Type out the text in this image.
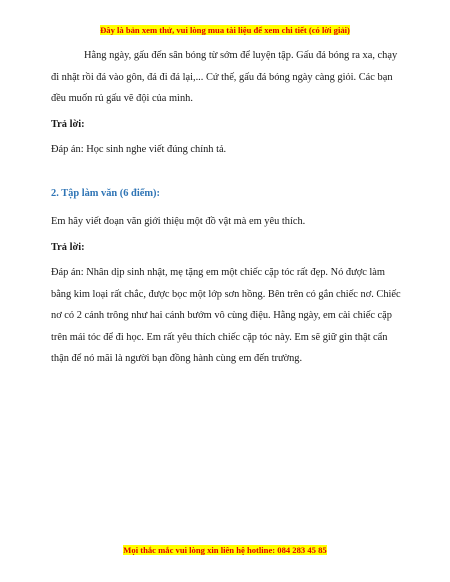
Đây là bản xem thử, vui lòng mua tài liệu để xem chi tiết (có lời giải)

Hằng ngày, gấu đến sân bóng từ sớm để luyện tập. Gấu đá bóng ra xa, chạy đi nhặt rồi đá vào gôn, đá đi đá lại,... Cứ thế, gấu đá bóng ngày càng giỏi. Các bạn đều muốn rủ gấu vẽ đội của mình.

Trả lời:

Đáp án: Học sinh nghe viết đúng chính tả.

2. Tập làm văn (6 điểm):

Em hãy viết đoạn văn giới thiệu một đồ vật mà em yêu thích.

Trả lời:

Đáp án: Nhân dịp sinh nhật, mẹ tặng em một chiếc cặp tóc rất đẹp. Nó được làm bằng kim loại rất chắc, được bọc một lớp sơn hồng. Bên trên có gắn chiếc nơ. Chiếc nơ có 2 cánh trông như hai cánh bướm vô cùng điệu. Hằng ngày, em cài chiếc cặp trên mái tóc để đi học. Em rất yêu thích chiếc cặp tóc này. Em sẽ giữ gìn thật cẩn thận để nó mãi là người bạn đồng hành cùng em đến trường.

Mọi thắc mắc vui lòng xin liên hệ hotline: 084 283 45 85
